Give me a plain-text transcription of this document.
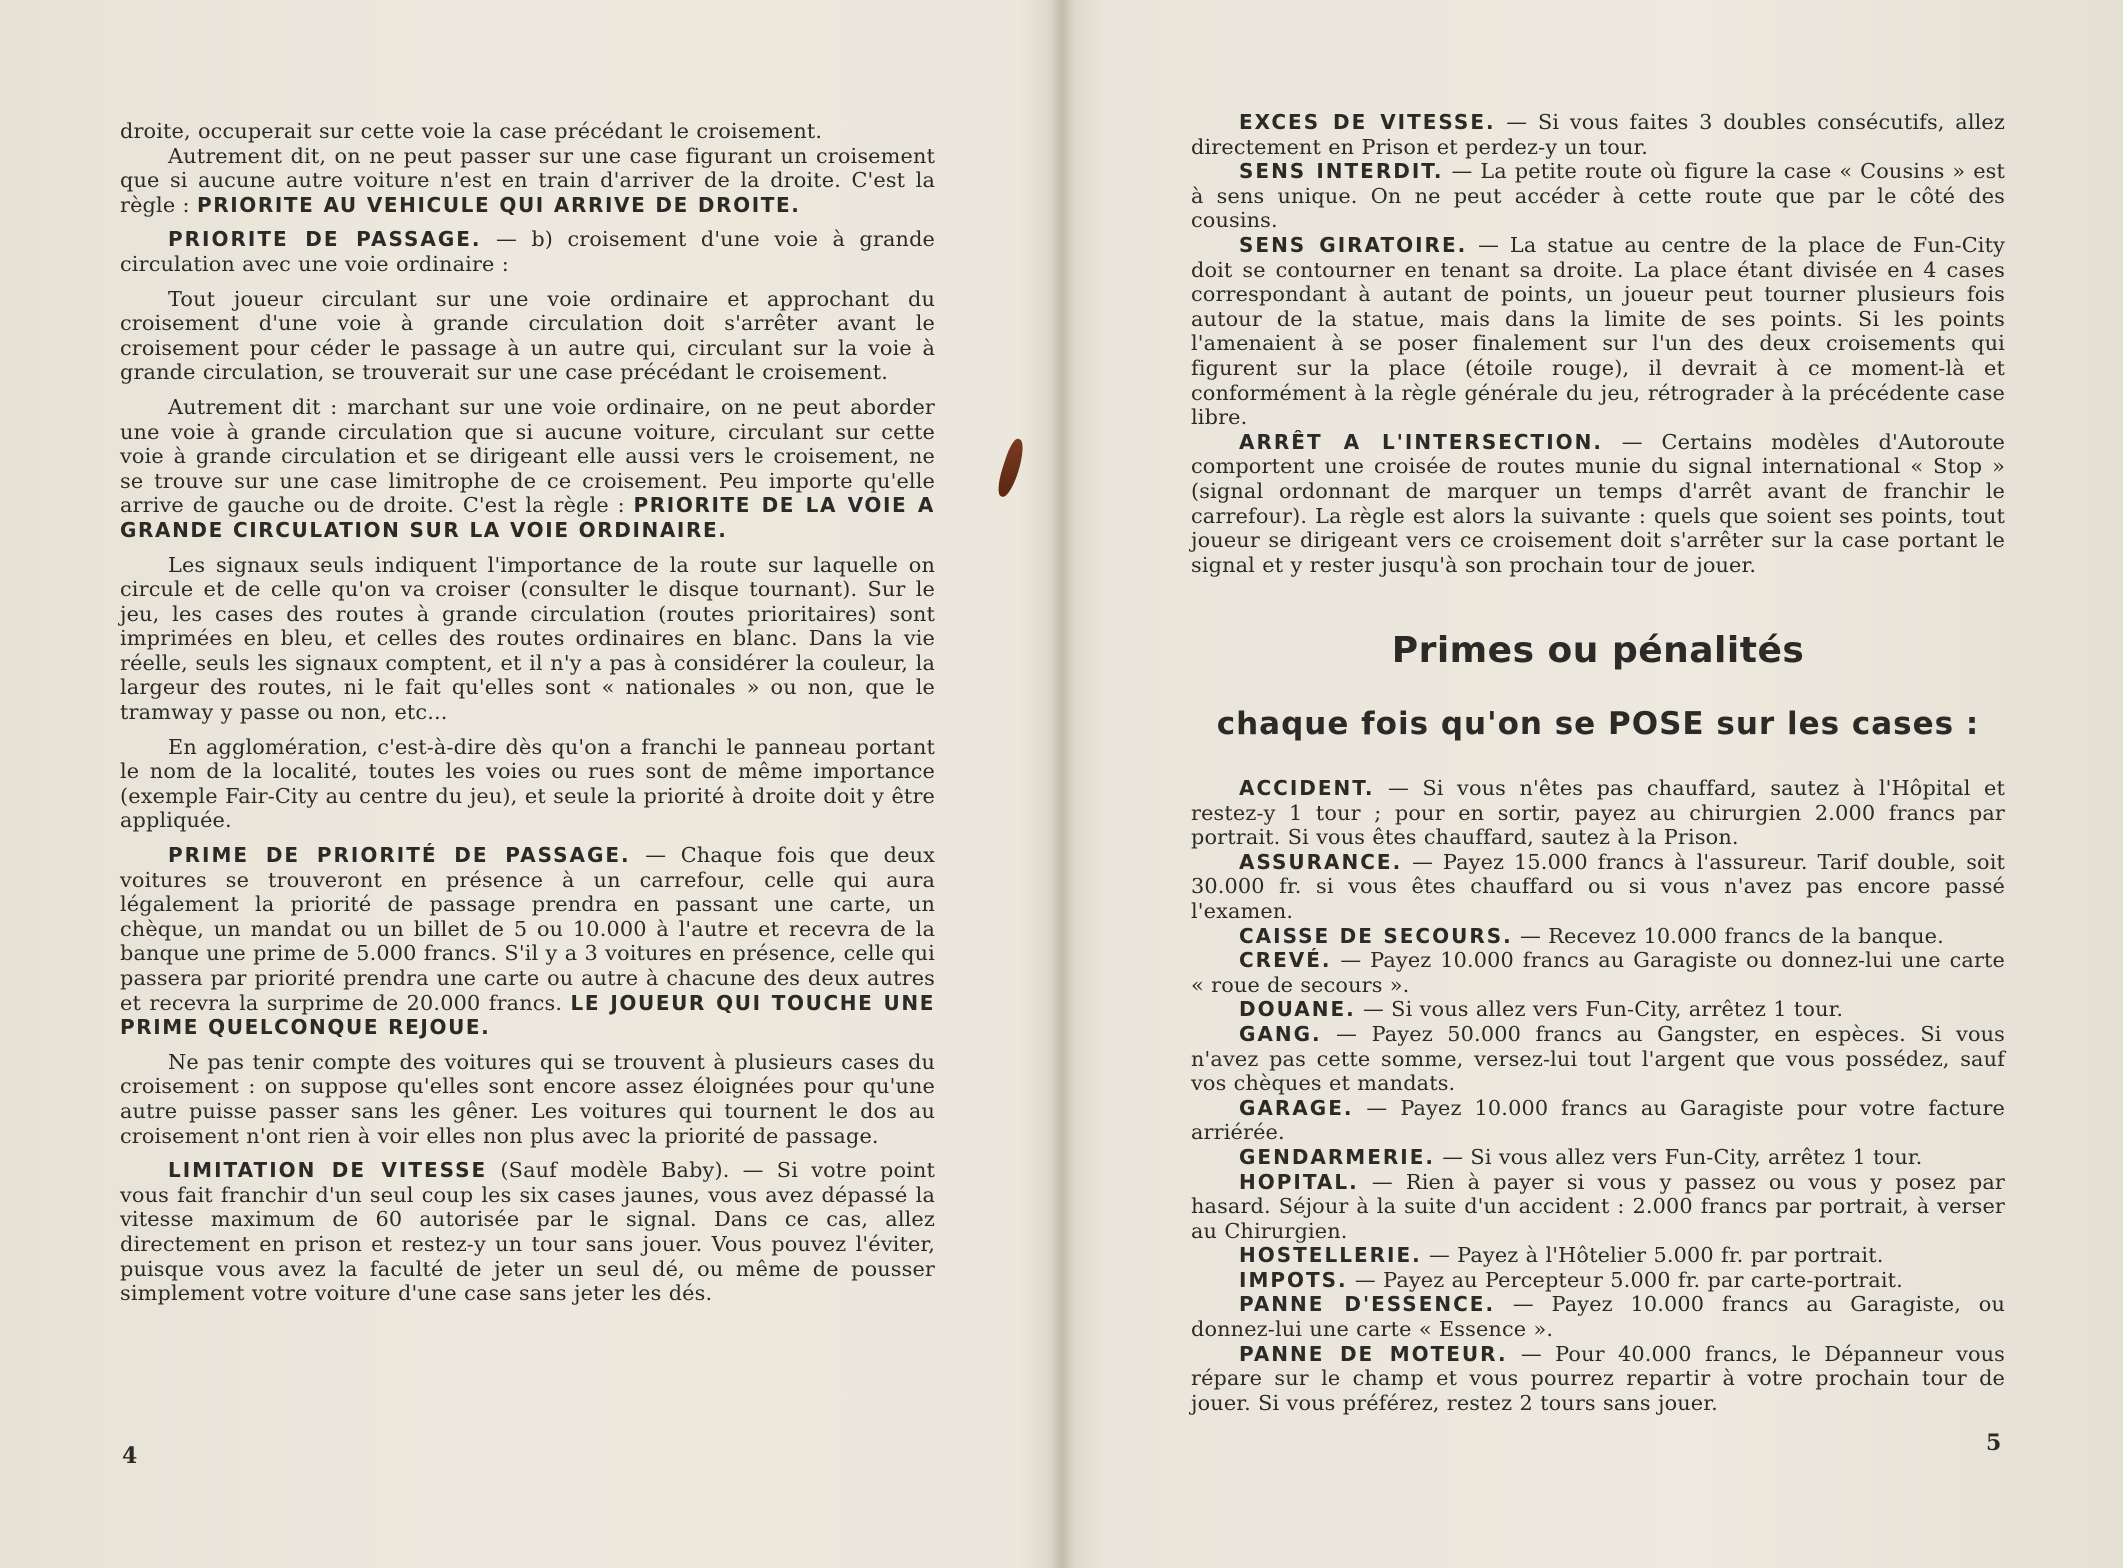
droite, occuperait sur cette voie la case précédant le croisement.

Autrement dit, on ne peut passer sur une case figurant un croisement que si aucune autre voiture n'est en train d'arriver de la droite. C'est la règle : PRIORITE AU VEHICULE QUI ARRIVE DE DROITE.

PRIORITE DE PASSAGE. — b) croisement d'une voie à grande circulation avec une voie ordinaire :

Tout joueur circulant sur une voie ordinaire et approchant du croisement d'une voie à grande circulation doit s'arrêter avant le croisement pour céder le passage à un autre qui, circulant sur la voie à grande circulation, se trouverait sur une case précédant le croisement.

Autrement dit : marchant sur une voie ordinaire, on ne peut aborder une voie à grande circulation que si aucune voiture, circulant sur cette voie à grande circulation et se dirigeant elle aussi vers le croisement, ne se trouve sur une case limitrophe de ce croisement. Peu importe qu'elle arrive de gauche ou de droite. C'est la règle : PRIORITE DE LA VOIE A GRANDE CIRCULATION SUR LA VOIE ORDINAIRE.

Les signaux seuls indiquent l'importance de la route sur laquelle on circule et de celle qu'on va croiser (consulter le disque tournant). Sur le jeu, les cases des routes à grande circulation (routes prioritaires) sont imprimées en bleu, et celles des routes ordinaires en blanc. Dans la vie réelle, seuls les signaux comptent, et il n'y a pas à considérer la couleur, la largeur des routes, ni le fait qu'elles sont « nationales » ou non, que le tramway y passe ou non, etc...

En agglomération, c'est-à-dire dès qu'on a franchi le panneau portant le nom de la localité, toutes les voies ou rues sont de même importance (exemple Fair-City au centre du jeu), et seule la priorité à droite doit y être appliquée.

PRIME DE PRIORITÉ DE PASSAGE. — Chaque fois que deux voitures se trouveront en présence à un carrefour, celle qui aura légalement la priorité de passage prendra en passant une carte, un chèque, un mandat ou un billet de 5 ou 10.000 à l'autre et recevra de la banque une prime de 5.000 francs. S'il y a 3 voitures en présence, celle qui passera par priorité prendra une carte ou autre à chacune des deux autres et recevra la surprime de 20.000 francs. LE JOUEUR QUI TOUCHE UNE PRIME QUELCONQUE REJOUE.

Ne pas tenir compte des voitures qui se trouvent à plusieurs cases du croisement : on suppose qu'elles sont encore assez éloignées pour qu'une autre puisse passer sans les gêner. Les voitures qui tournent le dos au croisement n'ont rien à voir elles non plus avec la priorité de passage.

LIMITATION DE VITESSE (Sauf modèle Baby). — Si votre point vous fait franchir d'un seul coup les six cases jaunes, vous avez dépassé la vitesse maximum de 60 autorisée par le signal. Dans ce cas, allez directement en prison et restez-y un tour sans jouer. Vous pouvez l'éviter, puisque vous avez la faculté de jeter un seul dé, ou même de pousser simplement votre voiture d'une case sans jeter les dés.

4

EXCES DE VITESSE. — Si vous faites 3 doubles consécutifs, allez directement en Prison et perdez-y un tour.

SENS INTERDIT. — La petite route où figure la case « Cousins » est à sens unique. On ne peut accéder à cette route que par le côté des cousins.

SENS GIRATOIRE. — La statue au centre de la place de Fun-City doit se contourner en tenant sa droite. La place étant divisée en 4 cases correspondant à autant de points, un joueur peut tourner plusieurs fois autour de la statue, mais dans la limite de ses points. Si les points l'amenaient à se poser finalement sur l'un des deux croisements qui figurent sur la place (étoile rouge), il devrait à ce moment-là et conformément à la règle générale du jeu, rétrograder à la précédente case libre.

ARRÊT A L'INTERSECTION. — Certains modèles d'Autoroute comportent une croisée de routes munie du signal international « Stop » (signal ordonnant de marquer un temps d'arrêt avant de franchir le carrefour). La règle est alors la suivante : quels que soient ses points, tout joueur se dirigeant vers ce croisement doit s'arrêter sur la case portant le signal et y rester jusqu'à son prochain tour de jouer.

Primes ou pénalités
chaque fois qu'on se POSE sur les cases :

ACCIDENT. — Si vous n'êtes pas chauffard, sautez à l'Hôpital et restez-y 1 tour ; pour en sortir, payez au chirurgien 2.000 francs par portrait. Si vous êtes chauffard, sautez à la Prison.

ASSURANCE. — Payez 15.000 francs à l'assureur. Tarif double, soit 30.000 fr. si vous êtes chauffard ou si vous n'avez pas encore passé l'examen.

CAISSE DE SECOURS. — Recevez 10.000 francs de la banque.

CREVÉ. — Payez 10.000 francs au Garagiste ou donnez-lui une carte « roue de secours ».

DOUANE. — Si vous allez vers Fun-City, arrêtez 1 tour.

GANG. — Payez 50.000 francs au Gangster, en espèces. Si vous n'avez pas cette somme, versez-lui tout l'argent que vous possédez, sauf vos chèques et mandats.

GARAGE. — Payez 10.000 francs au Garagiste pour votre facture arriérée.

GENDARMERIE. — Si vous allez vers Fun-City, arrêtez 1 tour.

HOPITAL. — Rien à payer si vous y passez ou vous y posez par hasard. Séjour à la suite d'un accident : 2.000 francs par portrait, à verser au Chirurgien.

HOSTELLERIE. — Payez à l'Hôtelier 5.000 fr. par portrait.

IMPOTS. — Payez au Percepteur 5.000 fr. par carte-portrait.

PANNE D'ESSENCE. — Payez 10.000 francs au Garagiste, ou donnez-lui une carte « Essence ».

PANNE DE MOTEUR. — Pour 40.000 francs, le Dépanneur vous répare sur le champ et vous pourrez repartir à votre prochain tour de jouer. Si vous préférez, restez 2 tours sans jouer.

5
